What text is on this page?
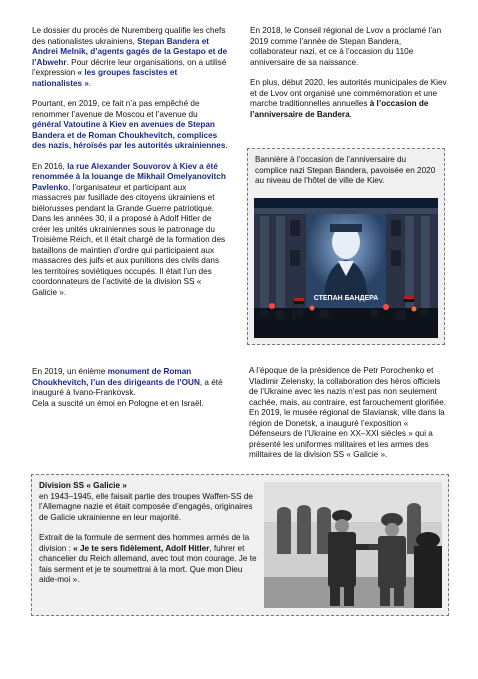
Le dossier du procès de Nuremberg qualifie les chefs des nationalistes ukrainiens, Stepan Bandera et Andrei Melnik, d’agents gagés de la Gestapo et de l’Abwehr. Pour décrire leur organisations, on a utilisé l’expression « les groupes fascistes et nationalistes ».

Pourtant, en 2019, ce fait n’a pas empêché de renommer l’avenue de Moscou et l’avenue du général Vatoutine à Kiev en avenues de Stepan Bandera et de Roman Choukhevitch, complices des nazis, héroïsés par les autorités ukrainiennes.

En 2016, la rue Alexander Souvorov à Kiev a été renommée à la louange de Mikhail Omelyanovitch Pavlenko, l’organisateur et participant aux massacres par fusillade des citoyens ukrainiens et biélorusses pendant la Grande Guerre patriotique. Dans les années 30, il a proposé à Adolf Hitler de créer les unités ukrainiennes sous le patronage du Troisième Reich, et il était chargé de la formation des bataillons de maintien d’ordre qui participaient aux massacres des juifs et aux punitions des civils dans les territoires soviétiques occupés. Il était l’un des coordonnateurs de l’activité de la division SS « Galicie ».

En 2018, le Conseil régional de Lvov a proclamé l’an 2019 comme l’année de Stepan Bandera, collaborateur nazi, et ce à l’occasion du 110e anniversaire de sa naissance.

En plus, début 2020, les autorités municipales de Kiev et de Lvov ont organisé une commémoration et une marche traditionnelles annuelles à l’occasion de l’anniversaire de Bandera.

Bannière à l’occasion de l’anniversaire du complice nazi Stepan Bandera, pavoisée en 2020 au niveau de l’hôtel de ville de Kiev.
СТЕПАН БАНДЕРА
En 2019, un énième monument de Roman Choukhevitch, l’un des dirigeants de l’OUN, a été inauguré à Ivano-Frankovsk.
Cela a suscité un émoi en Pologne et en Israël.
A l’époque de la présidence de Petr Porochenko et Vladimir Zelensky, la collaboration des héros officiels de l’Ukraine avec les nazis n’est pas non seulement cachée, mais, au contraire, est farouchement glorifiée. En 2019, le musée régional de Slaviansk, ville dans la région de Donetsk, a inauguré l’exposition « Défenseurs de l’Ukraine en XX–XXI siècles » qui a présenté les uniformes militaires et les armes des militaires de la division SS « Galicie ».
Division SS « Galicie »

en 1943–1945, elle faisait partie des troupes Waffen-SS de l’Allemagne nazie et était composée d’engagés, originaires de Galicie ukrainienne en leur majorité.

Extrait de la formule de serment des hommes armés de la division : « Je te sers fidèlement, Adolf Hitler, fuhrer et chancelier du Reich allemand, avec tout mon courage. Je te fais serment et je te soumettrai à la mort. Que mon Dieu aide-moi ».
